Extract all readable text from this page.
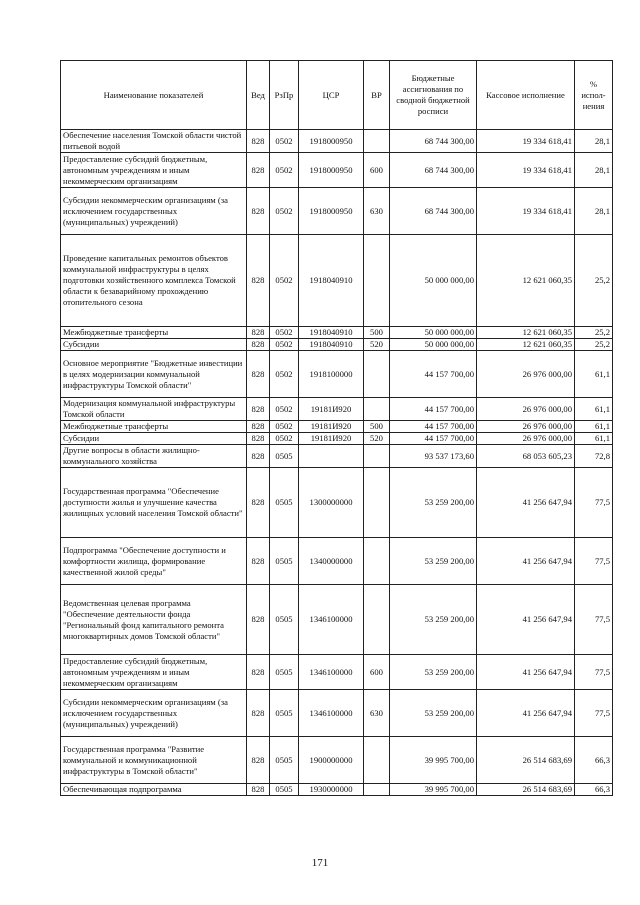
Наименование показателей	Вед	РзПр	ЦСР	ВР	Бюджетные ассигнования по сводной бюджетной росписи	Кассовое исполнение	% испол-нения
Обеспечение населения Томской области чистой питьевой водой	828	0502	1918000950		68 744 300,00	19 334 618,41	28,1
Предоставление субсидий бюджетным, автономным учреждениям и иным некоммерческим организациям	828	0502	1918000950	600	68 744 300,00	19 334 618,41	28,1
Субсидии некоммерческим организациям (за исключением государственных (муниципальных) учреждений)	828	0502	1918000950	630	68 744 300,00	19 334 618,41	28,1
Проведение капитальных ремонтов объектов коммунальной инфраструктуры в целях подготовки хозяйственного комплекса Томской области к безаварийному прохождению отопительного сезона	828	0502	1918040910		50 000 000,00	12 621 060,35	25,2
Межбюджетные трансферты	828	0502	1918040910	500	50 000 000,00	12 621 060,35	25,2
Субсидии	828	0502	1918040910	520	50 000 000,00	12 621 060,35	25,2
Основное мероприятие "Бюджетные инвестиции в целях модернизации коммунальной инфраструктуры Томской области"	828	0502	1918100000		44 157 700,00	26 976 000,00	61,1
Модернизация коммунальной инфраструктуры Томской области	828	0502	19181И920		44 157 700,00	26 976 000,00	61,1
Межбюджетные трансферты	828	0502	19181И920	500	44 157 700,00	26 976 000,00	61,1
Субсидии	828	0502	19181И920	520	44 157 700,00	26 976 000,00	61,1
Другие вопросы в области жилищно-коммунального хозяйства	828	0505			93 537 173,60	68 053 605,23	72,8
Государственная программа "Обеспечение доступности жилья и улучшение качества жилищных условий населения Томской области"	828	0505	1300000000		53 259 200,00	41 256 647,94	77,5
Подпрограмма "Обеспечение доступности и комфортности жилища, формирование качественной жилой среды"	828	0505	1340000000		53 259 200,00	41 256 647,94	77,5
Ведомственная целевая программа "Обеспечение деятельности фонда "Региональный фонд капитального ремонта многоквартирных домов Томской области"	828	0505	1346100000		53 259 200,00	41 256 647,94	77,5
Предоставление субсидий бюджетным, автономным учреждениям и иным некоммерческим организациям	828	0505	1346100000	600	53 259 200,00	41 256 647,94	77,5
Субсидии некоммерческим организациям (за исключением государственных (муниципальных) учреждений)	828	0505	1346100000	630	53 259 200,00	41 256 647,94	77,5
Государственная программа "Развитие коммунальной и коммуникационной инфраструктуры в Томской области"	828	0505	1900000000		39 995 700,00	26 514 683,69	66,3
Обеспечивающая подпрограмма	828	0505	1930000000		39 995 700,00	26 514 683,69	66,3
171
